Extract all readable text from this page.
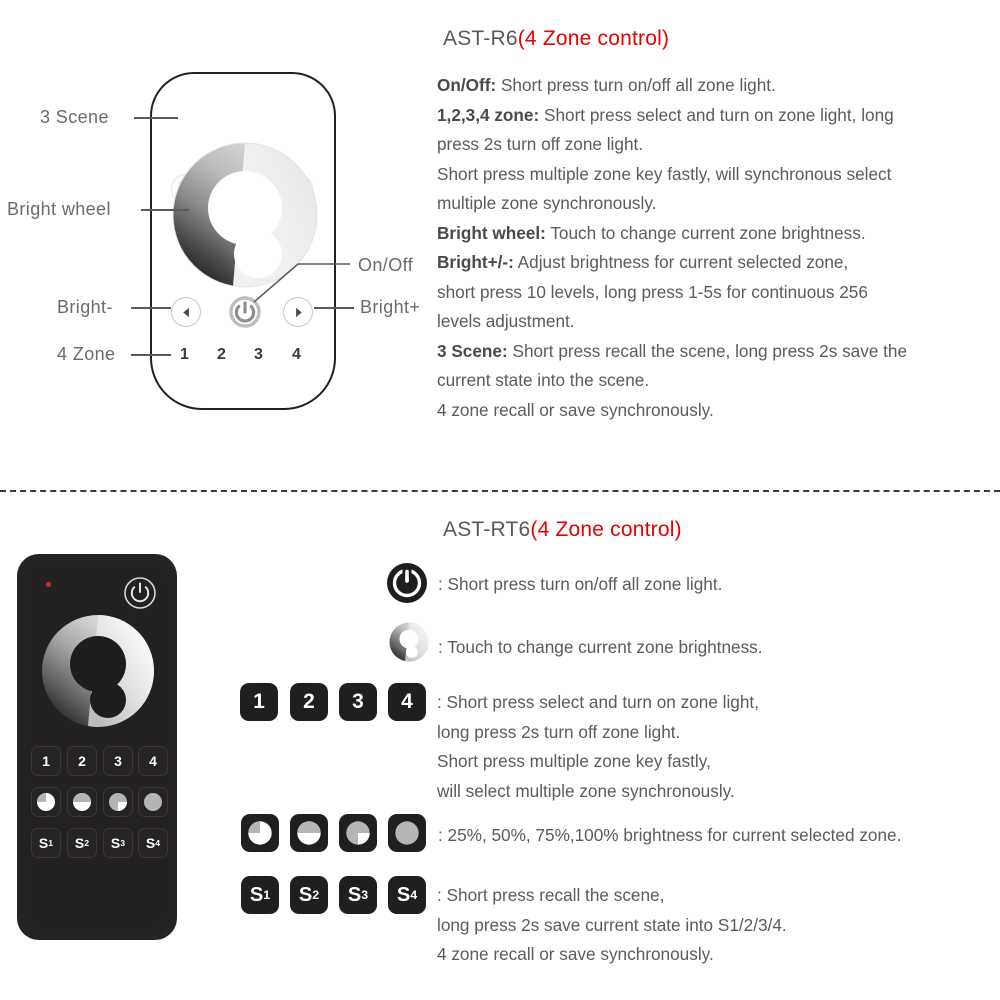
AST-R6(4 Zone control)
1 2 3 4
3 Scene
Bright wheel
Bright-
4 Zone
On/Off
Bright+
On/Off: Short press turn on/off all zone light.
1,2,3,4 zone: Short press select and turn on zone light, long
press 2s turn off zone light.
Short press multiple zone key fastly, will synchronous select
multiple zone synchronously.
Bright wheel: Touch to change current zone brightness.
Bright+/-: Adjust brightness for current selected zone,
short press 10 levels, long press 1-5s for continuous 256
levels adjustment.
3 Scene: Short press recall the scene, long press 2s save the
current state into the scene.
4 zone recall or save synchronously.
AST-RT6(4 Zone control)
1 2 3 4
S 1 S 2 S 3 S 4
: Short press turn on/off all zone light.
: Touch to change current zone brightness.
1 2 3 4 : Short press select and turn on zone light,
long press 2s turn off zone light.
Short press multiple zone key fastly,
will select multiple zone synchronously.
: 25%, 50%, 75%,100% brightness for current selected zone.
S 1 S 2 S 3 S 4 : Short press recall the scene,
long press 2s save current state into S1/2/3/4.
4 zone recall or save synchronously.
